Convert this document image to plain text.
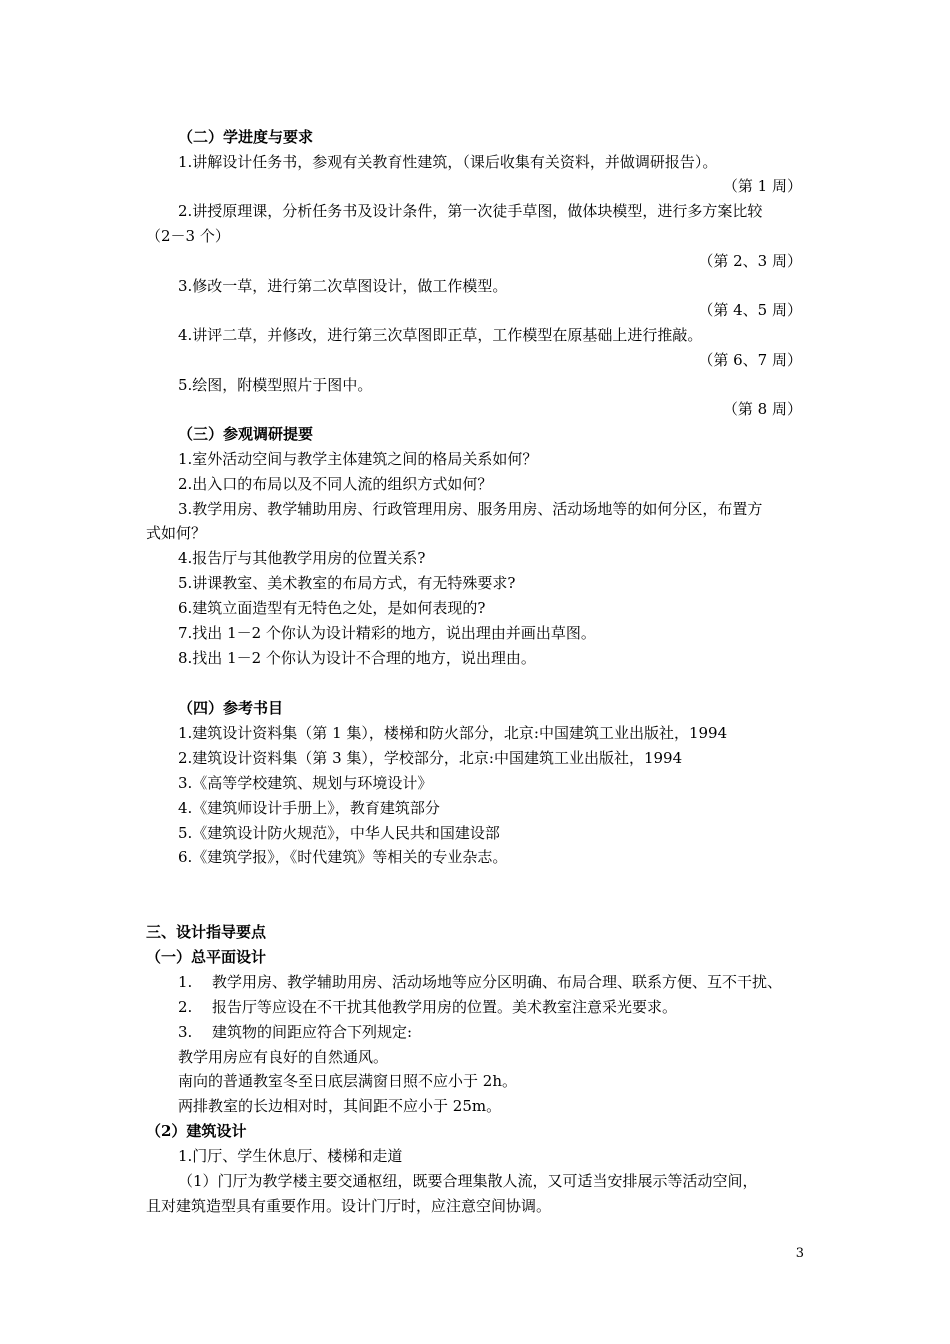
（二）学进度与要求

1.讲解设计任务书，参观有关教育性建筑，（课后收集有关资料，并做调研报告）。

（第 1 周）

2.讲授原理课，分析任务书及设计条件，第一次徒手草图，做体块模型，进行多方案比较

（2－3 个）

（第 2、3 周）

3.修改一草，进行第二次草图设计，做工作模型。

（第 4、5 周）

4.讲评二草，并修改，进行第三次草图即正草，工作模型在原基础上进行推敲。

（第 6、7 周）

5.绘图，附模型照片于图中。

（第 8 周）

（三）参观调研提要

1.室外活动空间与教学主体建筑之间的格局关系如何？

2.出入口的布局以及不同人流的组织方式如何？

3.教学用房、教学辅助用房、行政管理用房、服务用房、活动场地等的如何分区，布置方

式如何？

4.报告厅与其他教学用房的位置关系?

5.讲课教室、美术教室的布局方式，有无特殊要求?

6.建筑立面造型有无特色之处，是如何表现的?

7.找出 1－2 个你认为设计精彩的地方，说出理由并画出草图。

8.找出 1－2 个你认为设计不合理的地方，说出理由。

（四）参考书目

1.建筑设计资料集（第 1 集），楼梯和防火部分，北京:中国建筑工业出版社，1994

2.建筑设计资料集（第 3 集），学校部分，北京:中国建筑工业出版社，1994

3.《高等学校建筑、规划与环境设计》

4.《建筑师设计手册上》，教育建筑部分

5.《建筑设计防火规范》，中华人民共和国建设部

6.《建筑学报》，《时代建筑》等相关的专业杂志。

三、设计指导要点

（一）总平面设计

1. 教学用房、教学辅助用房、活动场地等应分区明确、布局合理、联系方便、互不干扰、

2. 报告厅等应设在不干扰其他教学用房的位置。美术教室注意采光要求。

3. 建筑物的间距应符合下列规定:

教学用房应有良好的自然通风。

南向的普通教室冬至日底层满窗日照不应小于 2h。

两排教室的长边相对时，其间距不应小于 25m。

（2）建筑设计

1.门厅、学生休息厅、楼梯和走道

（1）门厅为教学楼主要交通枢纽，既要合理集散人流，又可适当安排展示等活动空间，

且对建筑造型具有重要作用。设计门厅时，应注意空间协调。

3
